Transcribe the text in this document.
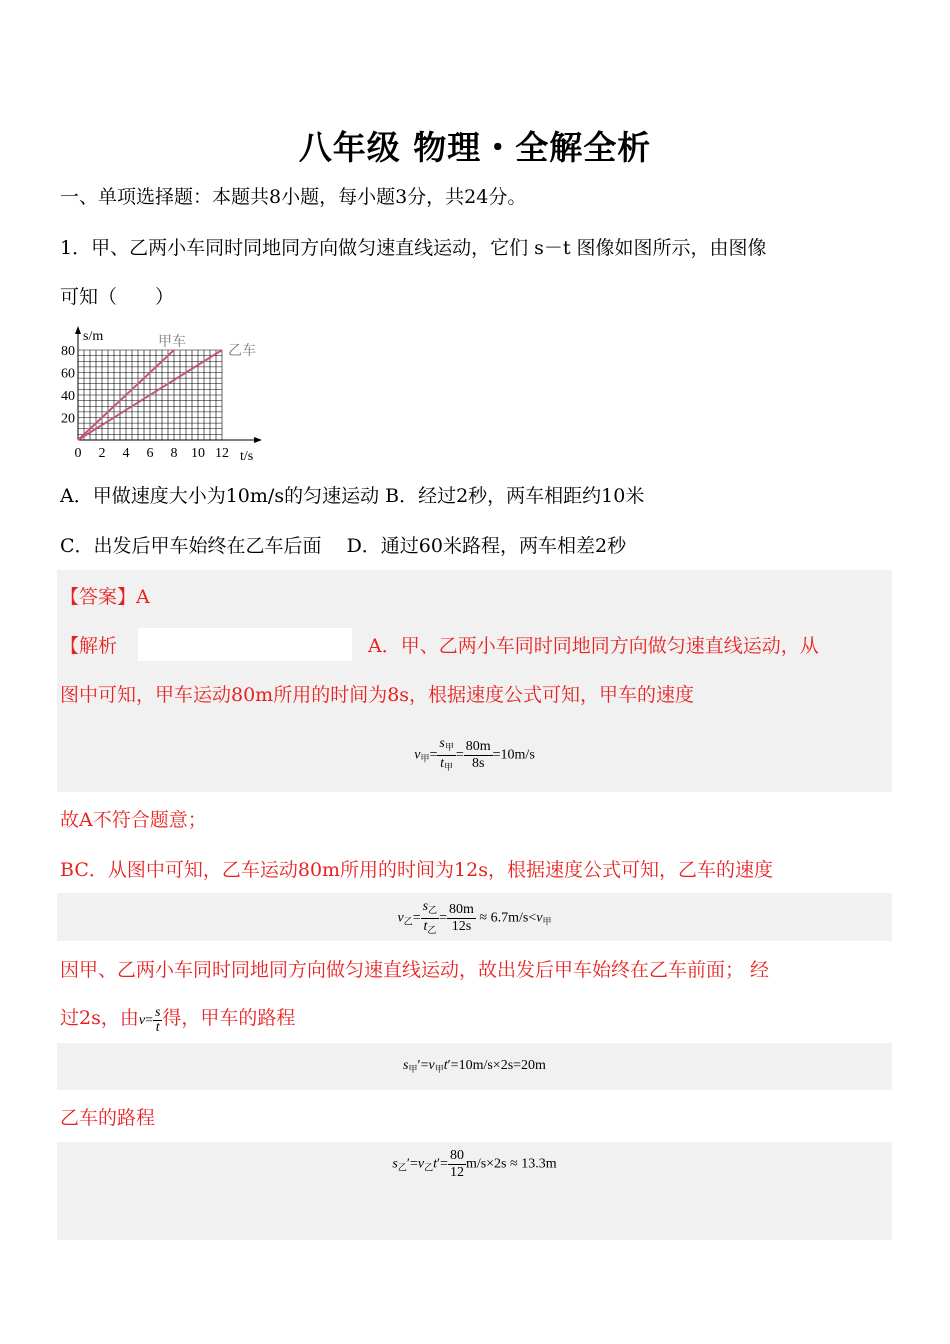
八年级 物理・全解全析
一、单项选择题：本题共8小题，每小题3分，共24分。
1．甲、乙两小车同时同地同方向做匀速直线运动，它们 s－t 图像如图所示，由图像
可知（　　）
甲车
乙车
0 2 4 6 8 10 12
20
40
60
80
s/m
t/s
A．甲做速度大小为10m/s的匀速运动 B．经过2秒，两车相距约10米
C．出发后甲车始终在乙车后面　 D．通过60米路程，两车相差2秒
$v_甲= \frac{s_甲}{t_甲} = \frac{80m}{8s} =10m/s$
【答案】A
【解析	A．甲、乙两小车同时同地同方向做匀速直线运动，从
图中可知，甲车运动80m所用的时间为8s，根据速度公式可知，甲车的速度
故A不符合题意；
BC．从图中可知，乙车运动80m所用的时间为12s，根据速度公式可知，乙车的速度
$v_乙= \frac{s_乙}{t_乙} = \frac{80m}{12s} \approx 6.7m/s<v_甲$
因甲、乙两小车同时同地同方向做匀速直线运动，故出发后甲车始终在乙车前面； 经
过2s，由$v= \frac{s}{t}$ 得，甲车的路程
$s_甲'=v_甲t'=10m/s\times 2s=20m$
乙车的路程
$s_乙'=v_乙t'= \frac{80}{12} m/s\times 2s \approx 13.3m$
